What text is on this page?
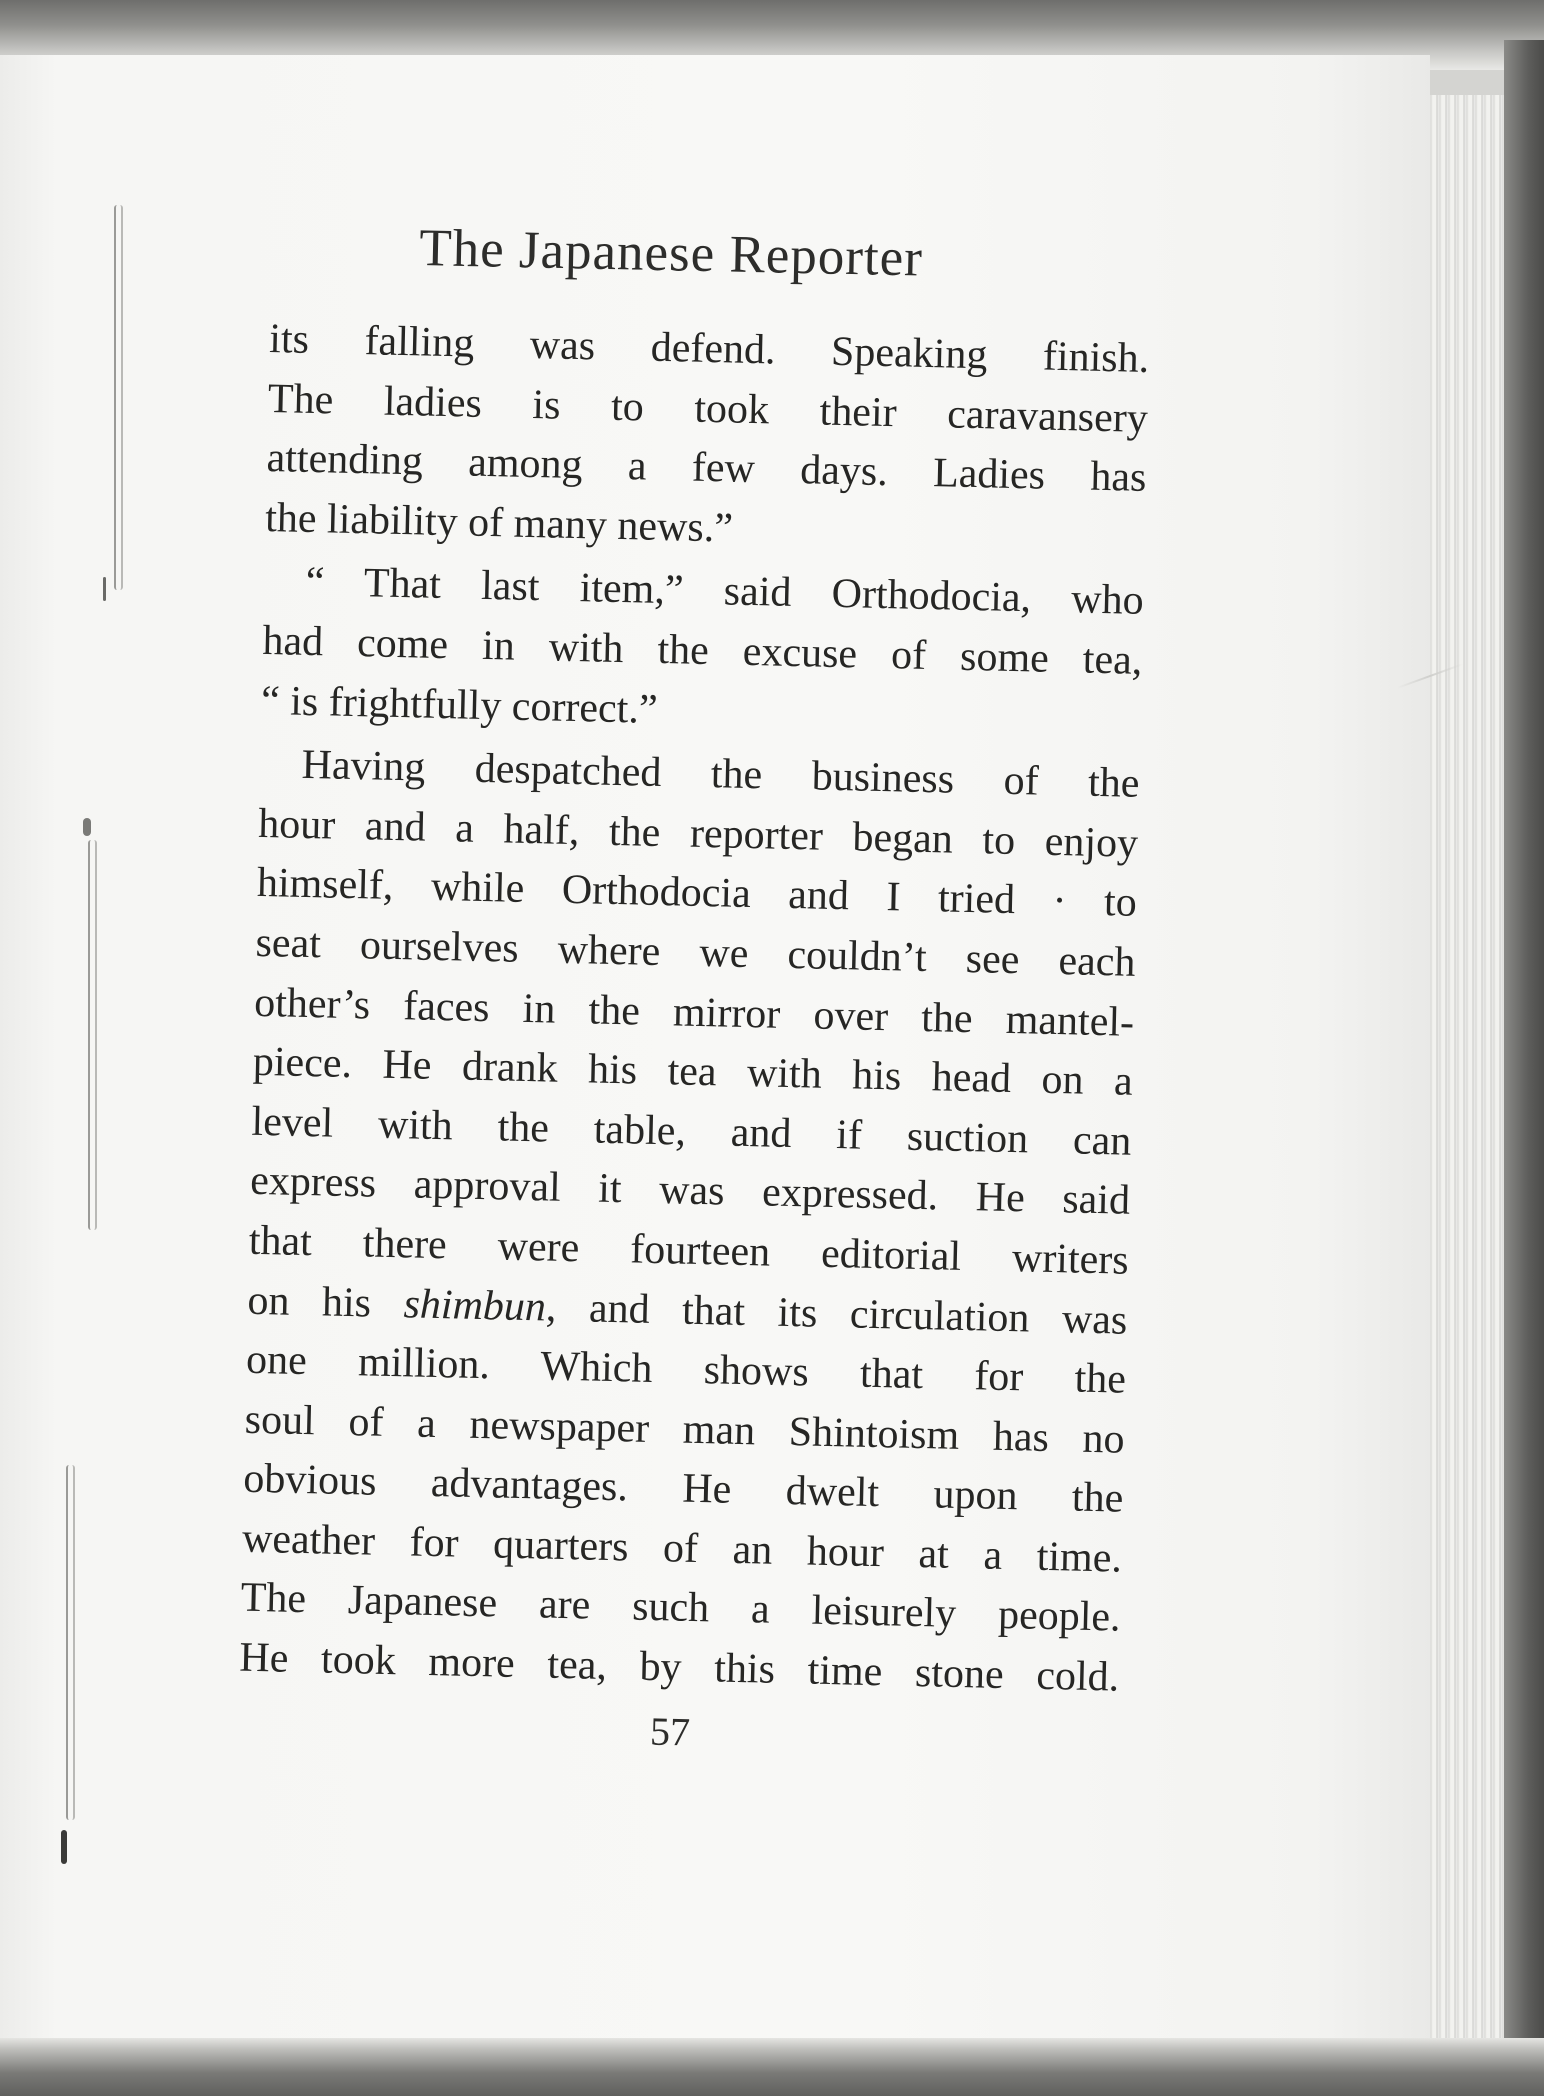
The Japanese Reporter
its falling was defend. Speaking finish.
The ladies is to took their caravansery
attending among a few days. Ladies has
the liability of many news.”
“ That last item,” said Orthodocia, who
had come in with the excuse of some tea,
“ is frightfully correct.”
Having despatched the business of the
hour and a half, the reporter began to enjoy
himself, while Orthodocia and I tried · to
seat ourselves where we couldn’t see each
other’s faces in the mirror over the mantel-
piece. He drank his tea with his head on a
level with the table, and if suction can
express approval it was expressed. He said
that there were fourteen editorial writers
on his shimbun, and that its circulation was
one million. Which shows that for the
soul of a newspaper man Shintoism has no
obvious advantages. He dwelt upon the
weather for quarters of an hour at a time.
The Japanese are such a leisurely people.
He took more tea, by this time stone cold.
57
